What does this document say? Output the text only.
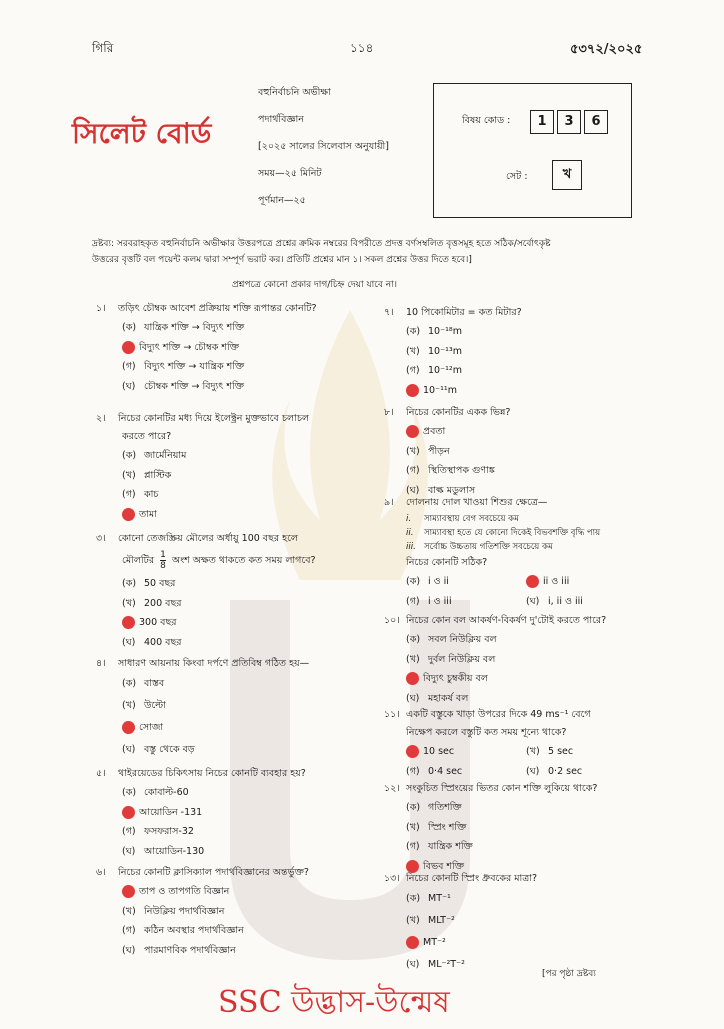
গিরি	১১৪	৫৩৭২/২০২৫
সিলেট বোর্ড
বহুনির্বাচনি অভীক্ষা
পদার্থবিজ্ঞান
[২০২৫ সালের সিলেবাস অনুযায়ী]
সময়—২৫ মিনিট
পূর্ণমান—২৫
বিষয় কোড :	1 3 6
সেট :	খ
দ্রষ্টব্য: সরবরাহকৃত বহুনির্বাচনি অভীক্ষার উত্তরপত্রে প্রশ্নের ক্রমিক নম্বরের বিপরীতে প্রদত্ত বর্ণসম্বলিত বৃত্তসমূহ হতে সঠিক/সর্বোৎকৃষ্ট
উত্তরের বৃত্তটি বল পয়েন্ট কলম দ্বারা সম্পূর্ণ ভরাট কর। প্রতিটি প্রশ্নের মান ১। সকল প্রশ্নের উত্তর দিতে হবে।]
প্রশ্নপত্রে কোনো প্রকার দাগ/চিহ্ন দেয়া যাবে না।
১। তড়িৎ চৌম্বক আবেশ প্রক্রিয়ায় শক্তি রূপান্তর কোনটি?
(ক) যান্ত্রিক শক্তি → বিদ্যুৎ শক্তি
বিদ্যুৎ শক্তি → চৌম্বক শক্তি
(গ) বিদ্যুৎ শক্তি → যান্ত্রিক শক্তি
(ঘ) চৌম্বক শক্তি → বিদ্যুৎ শক্তি
২। নিচের কোনটির মধ্য দিয়ে ইলেক্ট্রন মুক্তভাবে চলাচল
করতে পারে?
(ক) জার্মেনিয়াম
(খ) প্লাস্টিক
(গ) কাচ
তামা
৩। কোনো তেজস্ক্রিয় মৌলের অর্ধায়ু 100 বছর হলে
মৌলটির $\frac{1}{8}$ অংশ অক্ষত থাকতে কত সময় লাগবে?
(ক) 50 বছর
(খ) 200 বছর
300 বছর
(ঘ) 400 বছর
৪। সাধারণ আয়নায় কিংবা দর্পণে প্রতিবিম্ব গঠিত হয়—
(ক) বাস্তব
(খ) উল্টো
সোজা
(ঘ) বস্তু থেকে বড়
৫। থাইরয়েডের চিকিৎসায় নিচের কোনটি ব্যবহার হয়?
(ক) কোবাল্ট-60
আয়োডিন -131
(গ) ফসফরাস-32
(ঘ) আয়োডিন-130
৬। নিচের কোনটি ক্লাসিক্যাল পদার্থবিজ্ঞানের অন্তর্ভুক্ত?
তাপ ও তাপগতি বিজ্ঞান
(খ) নিউক্লিয় পদার্থবিজ্ঞান
(গ) কঠিন অবস্থার পদার্থবিজ্ঞান
(ঘ) পারমাণবিক পদার্থবিজ্ঞান
৭। 10 পিকোমিটার = কত মিটার?
(ক) 10⁻¹⁸m
(খ) 10⁻¹³m
(গ) 10⁻¹²m
10⁻¹¹m
৮। নিচের কোনটির একক ভিন্ন?
প্রবতা
(খ) পীড়ন
(গ) স্থিতিস্থাপক গুণাঙ্ক
(ঘ) বাল্ক মডুলাস
৯। দোলনায় দোল খাওয়া শিশুর ক্ষেত্রে—
i. সাম্যাবস্থায় বেগ সবচেয়ে কম
ii. সাম্যাবস্থা হতে যে কোনো দিকেই বিভবশক্তি বৃদ্ধি পায়
iii. সর্বোচ্চ উচ্চতায় গতিশক্তি সবচেয়ে কম
নিচের কোনটি সঠিক?
(ক) i ও ii	ii ও iii
(গ) i ও iii	(ঘ) i, ii ও iii
১০। নিচের কোন বল আকর্ষণ-বিকর্ষণ দু'টোই করতে পারে?
(ক) সবল নিউক্লিয় বল
(খ) দুর্বল নিউক্লিয় বল
বিদ্যুৎ চুম্বকীয় বল
(ঘ) মহাকর্ষ বল
১১। একটি বস্তুকে খাড়া উপরের দিকে 49 ms⁻¹ বেগে
নিক্ষেপ করলে বস্তুটি কত সময় শূন্যে থাকে?
10 sec	(খ) 5 sec
(গ) 0·4 sec	(ঘ) 0·2 sec
১২। সংকুচিত স্প্রিংয়ের ভিতর কোন শক্তি লুকিয়ে থাকে?
(ক) গতিশক্তি
(খ) স্প্রিং শক্তি
(গ) যান্ত্রিক শক্তি
বিভব শক্তি
১৩। নিচের কোনটি স্প্রিং ধ্রুবকের মাত্রা?
(ক) MT⁻¹
(খ) MLT⁻²
MT⁻²
(ঘ) ML⁻²T⁻²
[পর পৃষ্ঠা দ্রষ্টব্য
SSC উদ্ভাস-উন্মেষ
